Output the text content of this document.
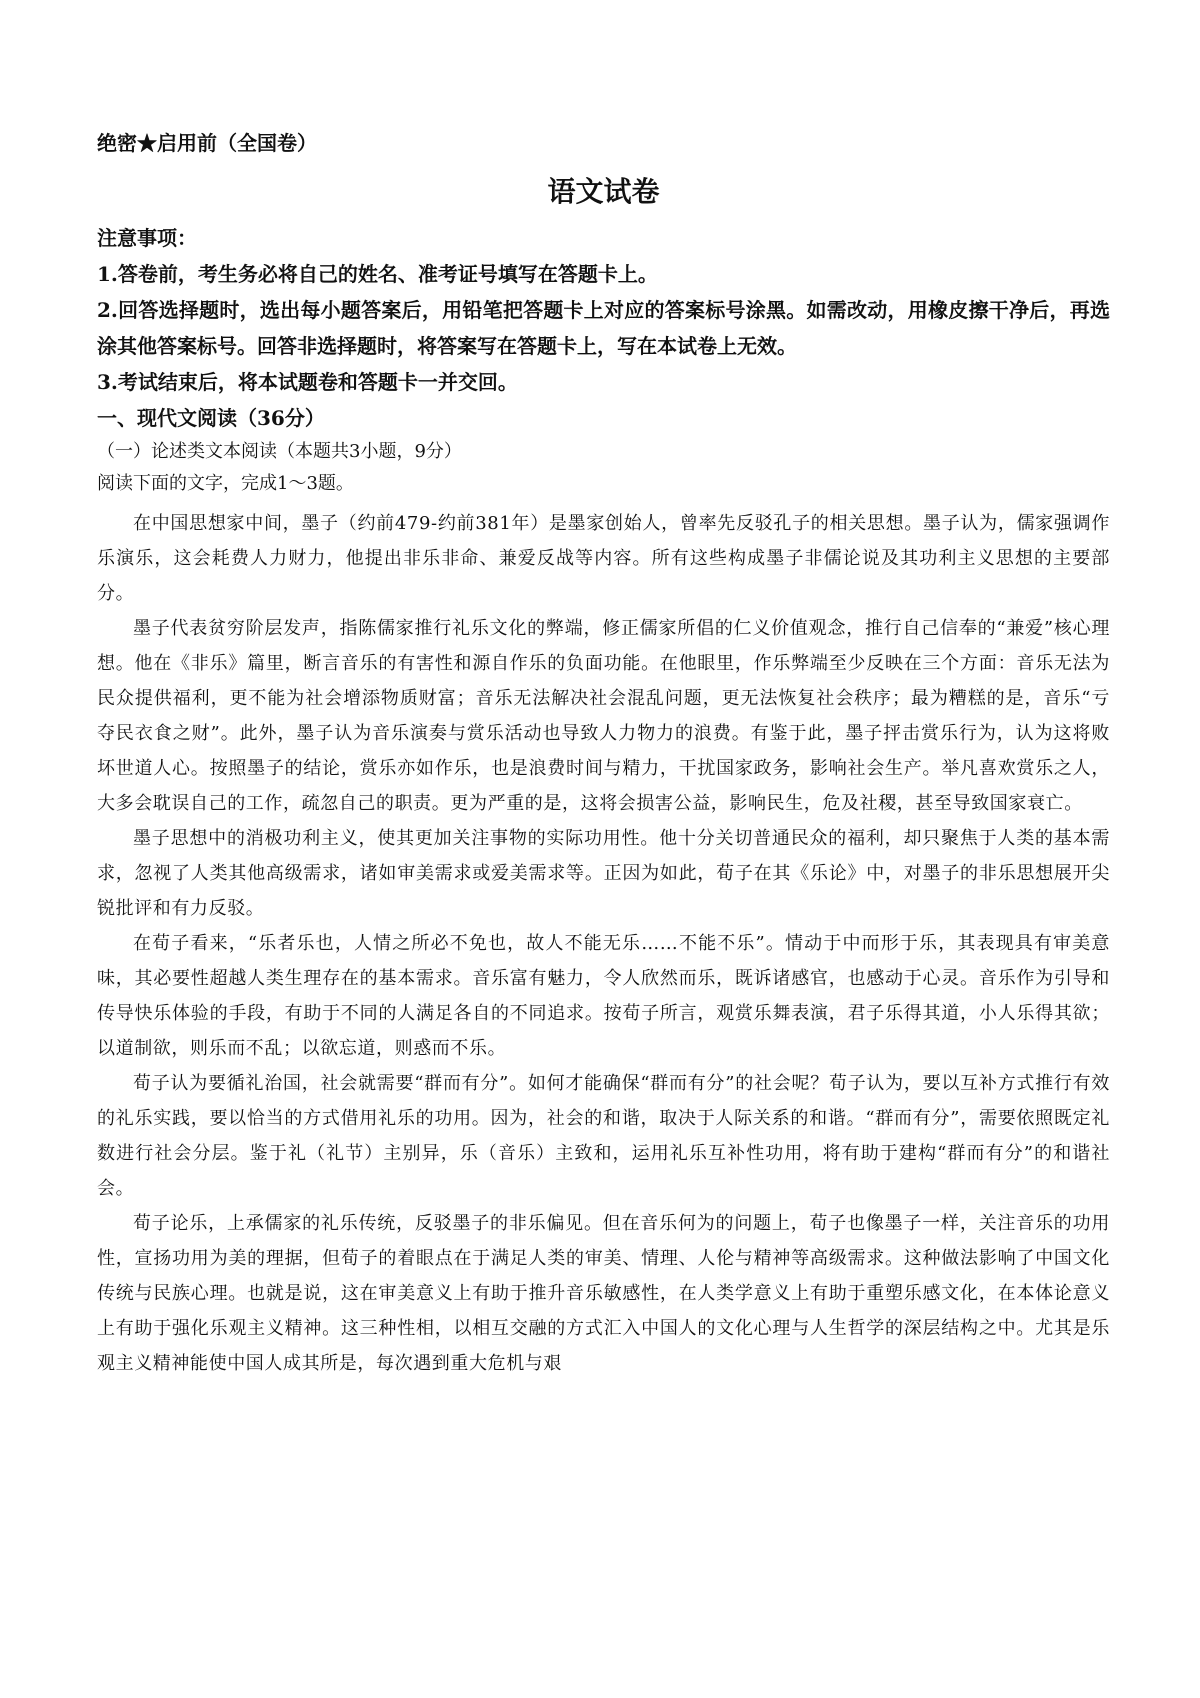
绝密★启用前（全国卷）

语文试卷

注意事项：

1.答卷前，考生务必将自己的姓名、准考证号填写在答题卡上。

2.回答选择题时，选出每小题答案后，用铅笔把答题卡上对应的答案标号涂黑。如需改动，用橡皮擦干净后，再选涂其他答案标号。回答非选择题时，将答案写在答题卡上，写在本试卷上无效。

3.考试结束后，将本试题卷和答题卡一并交回。

一、现代文阅读（36分）

（一）论述类文本阅读（本题共3小题，9分）

阅读下面的文字，完成1～3题。

在中国思想家中间，墨子（约前479-约前381年）是墨家创始人，曾率先反驳孔子的相关思想。墨子认为，儒家强调作乐演乐，这会耗费人力财力，他提出非乐非命、兼爱反战等内容。所有这些构成墨子非儒论说及其功利主义思想的主要部分。

墨子代表贫穷阶层发声，指陈儒家推行礼乐文化的弊端，修正儒家所倡的仁义价值观念，推行自己信奉的“兼爱”核心理想。他在《非乐》篇里，断言音乐的有害性和源自作乐的负面功能。在他眼里，作乐弊端至少反映在三个方面：音乐无法为民众提供福利，更不能为社会增添物质财富；音乐无法解决社会混乱问题，更无法恢复社会秩序；最为糟糕的是，音乐“亏夺民衣食之财”。此外，墨子认为音乐演奏与赏乐活动也导致人力物力的浪费。有鉴于此，墨子抨击赏乐行为，认为这将败坏世道人心。按照墨子的结论，赏乐亦如作乐，也是浪费时间与精力，干扰国家政务，影响社会生产。举凡喜欢赏乐之人，大多会耽误自己的工作，疏忽自己的职责。更为严重的是，这将会损害公益，影响民生，危及社稷，甚至导致国家衰亡。

墨子思想中的消极功利主义，使其更加关注事物的实际功用性。他十分关切普通民众的福利，却只聚焦于人类的基本需求，忽视了人类其他高级需求，诸如审美需求或爱美需求等。正因为如此，荀子在其《乐论》中，对墨子的非乐思想展开尖锐批评和有力反驳。

在荀子看来，“乐者乐也，人情之所必不免也，故人不能无乐……不能不乐”。情动于中而形于乐，其表现具有审美意味，其必要性超越人类生理存在的基本需求。音乐富有魅力，令人欣然而乐，既诉诸感官，也感动于心灵。音乐作为引导和传导快乐体验的手段，有助于不同的人满足各自的不同追求。按荀子所言，观赏乐舞表演，君子乐得其道，小人乐得其欲；以道制欲，则乐而不乱；以欲忘道，则惑而不乐。

荀子认为要循礼治国，社会就需要“群而有分”。如何才能确保“群而有分”的社会呢？荀子认为，要以互补方式推行有效的礼乐实践，要以恰当的方式借用礼乐的功用。因为，社会的和谐，取决于人际关系的和谐。“群而有分”，需要依照既定礼数进行社会分层。鉴于礼（礼节）主别异，乐（音乐）主致和，运用礼乐互补性功用，将有助于建构“群而有分”的和谐社会。

荀子论乐，上承儒家的礼乐传统，反驳墨子的非乐偏见。但在音乐何为的问题上，荀子也像墨子一样，关注音乐的功用性，宣扬功用为美的理据，但荀子的着眼点在于满足人类的审美、情理、人伦与精神等高级需求。这种做法影响了中国文化传统与民族心理。也就是说，这在审美意义上有助于推升音乐敏感性，在人类学意义上有助于重塑乐感文化，在本体论意义上有助于强化乐观主义精神。这三种性相，以相互交融的方式汇入中国人的文化心理与人生哲学的深层结构之中。尤其是乐观主义精神能使中国人成其所是，每次遇到重大危机与艰
